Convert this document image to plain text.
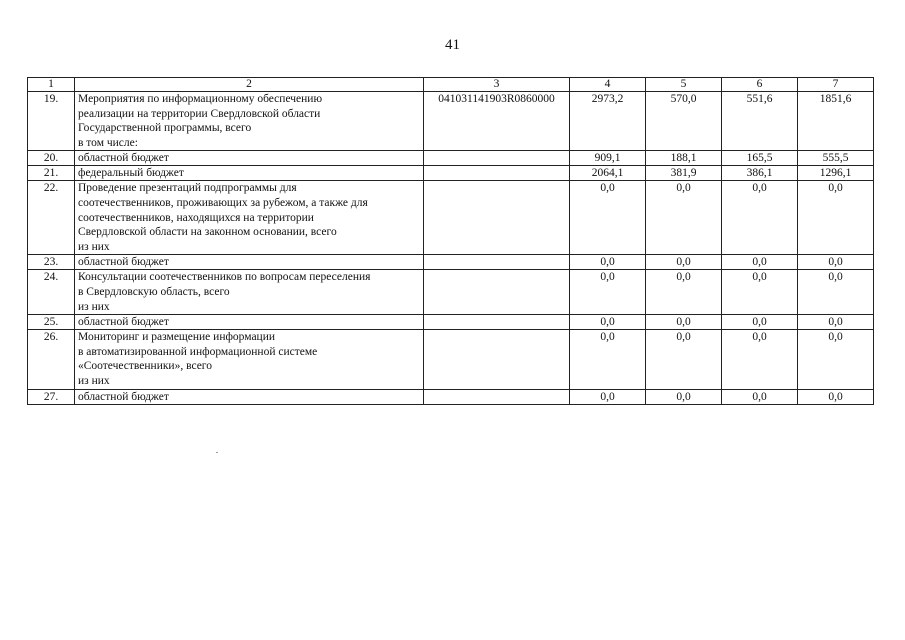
41
1	2	3	4	5	6	7
19.	Мероприятия по информационному обеспечению
реализации на территории Свердловской области
Государственной программы, всего
в том числе:	041031141903R0860000	2973,2	570,0	551,6	1851,6
20.	областной бюджет		909,1	188,1	165,5	555,5
21.	федеральный бюджет		2064,1	381,9	386,1	1296,1
22.	Проведение презентаций подпрограммы для
соотечественников, проживающих за рубежом, а также для
соотечественников, находящихся на территории
Свердловской области на законном основании, всего
из них		0,0	0,0	0,0	0,0
23.	областной бюджет		0,0	0,0	0,0	0,0
24.	Консультации соотечественников по вопросам переселения
в Свердловскую область, всего
из них		0,0	0,0	0,0	0,0
25.	областной бюджет		0,0	0,0	0,0	0,0
26.	Мониторинг и размещение информации
в автоматизированной информационной системе
«Соотечественники», всего
из них		0,0	0,0	0,0	0,0
27.	областной бюджет		0,0	0,0	0,0	0,0
